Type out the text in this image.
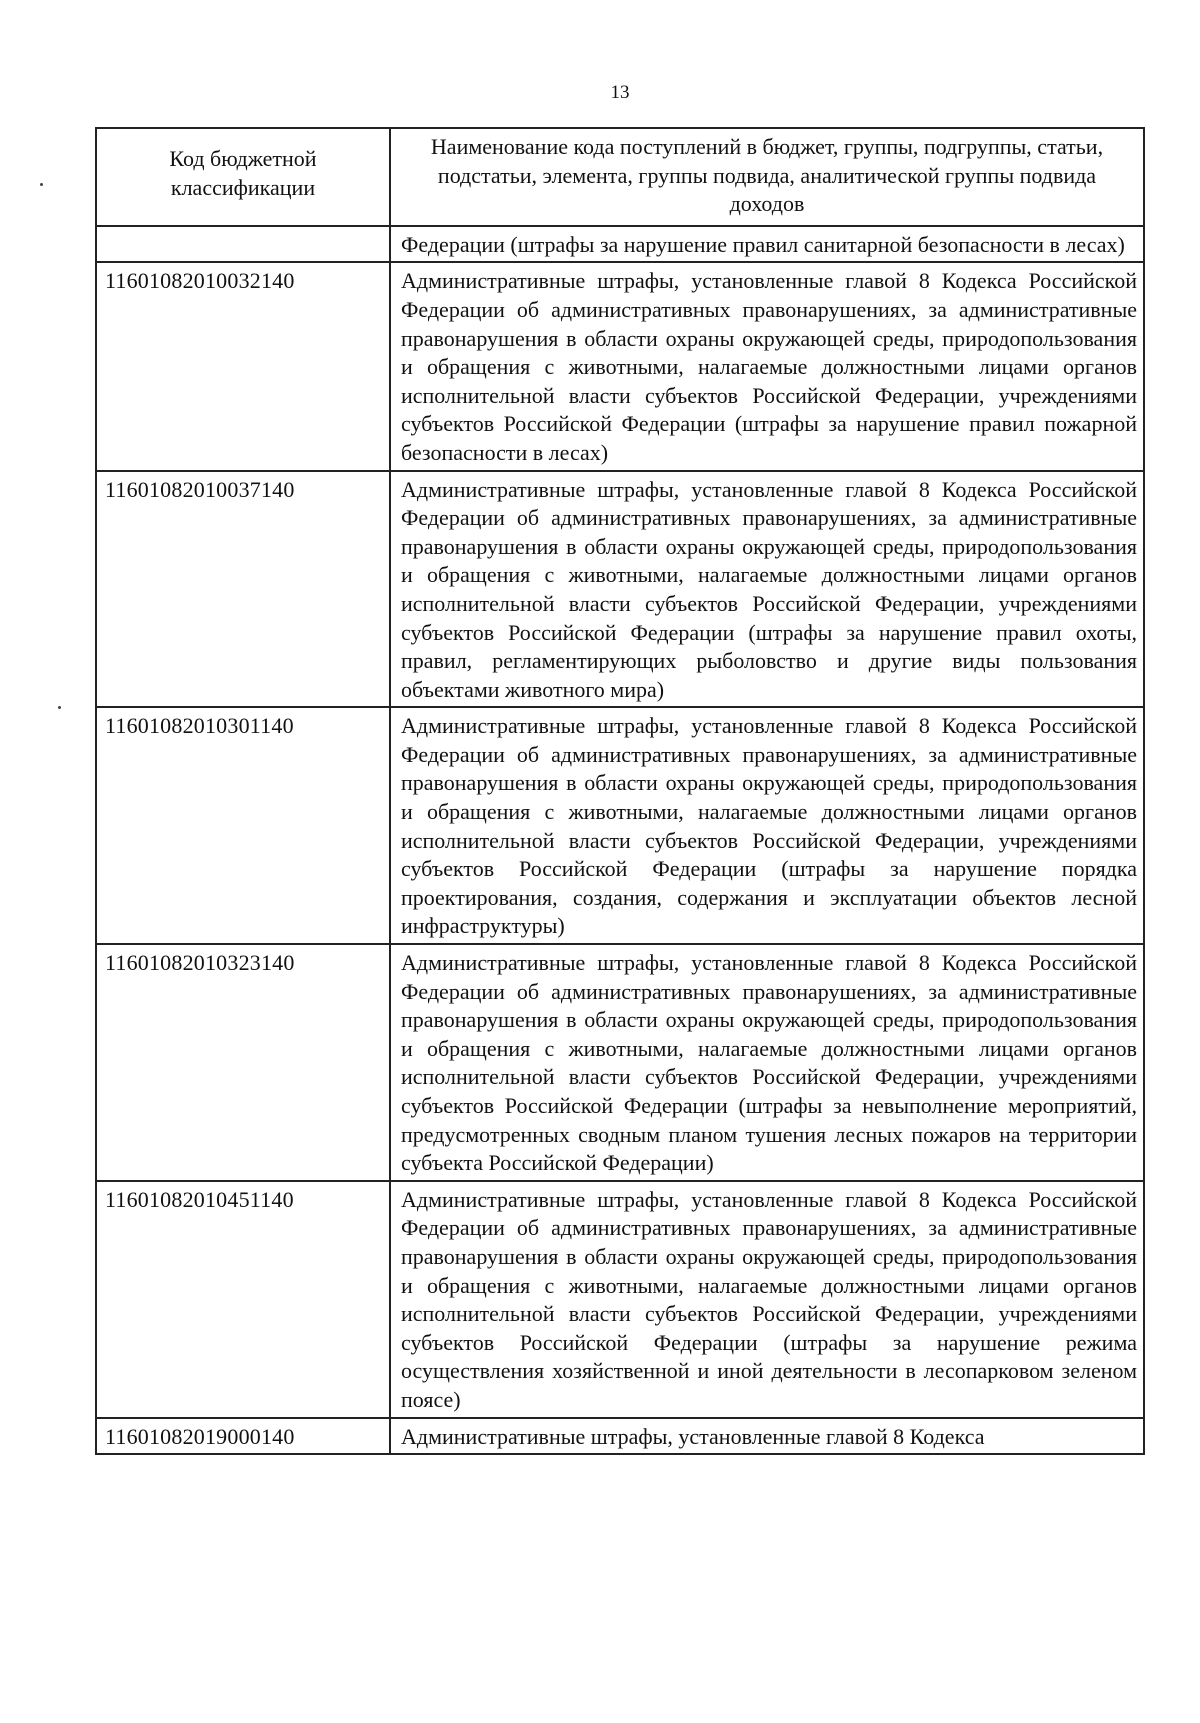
13
Код бюджетной классификации	Наименование кода поступлений в бюджет, группы, подгруппы, статьи, подстатьи, элемента, группы подвида, аналитической группы подвида доходов
	Федерации (штрафы за нарушение правил санитарной безопасности в лесах)
11601082010032140	Административные штрафы, установленные главой 8 Кодекса Российской Федерации об административных правонарушениях, за административные правонарушения в области охраны окружающей среды, природопользования и обращения с животными, налагаемые должностными лицами органов исполнительной власти субъектов Российской Федерации, учреждениями субъектов Российской Федерации (штрафы за нарушение правил пожарной безопасности в лесах)
11601082010037140	Административные штрафы, установленные главой 8 Кодекса Российской Федерации об административных правонарушениях, за административные правонарушения в области охраны окружающей среды, природопользования и обращения с животными, налагаемые должностными лицами органов исполнительной власти субъектов Российской Федерации, учреждениями субъектов Российской Федерации (штрафы за нарушение правил охоты, правил, регламентирующих рыболовство и другие виды пользования объектами животного мира)
11601082010301140	Административные штрафы, установленные главой 8 Кодекса Российской Федерации об административных правонарушениях, за административные правонарушения в области охраны окружающей среды, природопользования и обращения с животными, налагаемые должностными лицами органов исполнительной власти субъектов Российской Федерации, учреждениями субъектов Российской Федерации (штрафы за нарушение порядка проектирования, создания, содержания и эксплуатации объектов лесной инфраструктуры)
11601082010323140	Административные штрафы, установленные главой 8 Кодекса Российской Федерации об административных правонарушениях, за административные правонарушения в области охраны окружающей среды, природопользования и обращения с животными, налагаемые должностными лицами органов исполнительной власти субъектов Российской Федерации, учреждениями субъектов Российской Федерации (штрафы за невыполнение мероприятий, предусмотренных сводным планом тушения лесных пожаров на территории субъекта Российской Федерации)
11601082010451140	Административные штрафы, установленные главой 8 Кодекса Российской Федерации об административных правонарушениях, за административные правонарушения в области охраны окружающей среды, природопользования и обращения с животными, налагаемые должностными лицами органов исполнительной власти субъектов Российской Федерации, учреждениями субъектов Российской Федерации (штрафы за нарушение режима осуществления хозяйственной и иной деятельности в лесопарковом зеленом поясе)
11601082019000140	Административные штрафы, установленные главой 8 Кодекса
